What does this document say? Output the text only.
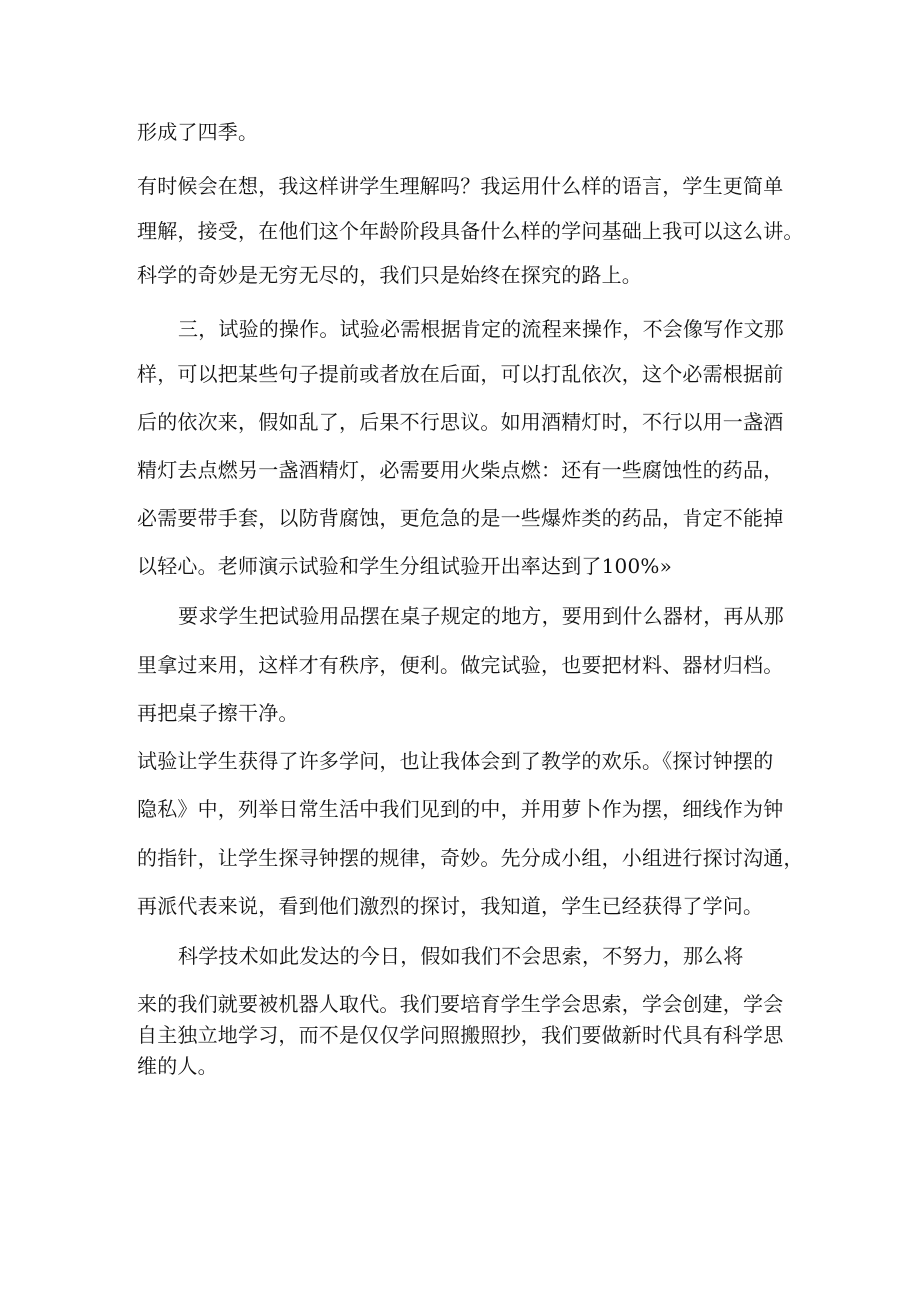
形成了四季。

有时候会在想，我这样讲学生理解吗？我运用什么样的语言，学生更简单

理解，接受，在他们这个年龄阶段具备什么样的学问基础上我可以这么讲。

科学的奇妙是无穷无尽的，我们只是始终在探究的路上。

三，试验的操作。试验必需根据肯定的流程来操作，不会像写作文那

样，可以把某些句子提前或者放在后面，可以打乱依次，这个必需根据前

后的依次来，假如乱了，后果不行思议。如用酒精灯时，不行以用一盏酒

精灯去点燃另一盏酒精灯，必需要用火柴点燃：还有一些腐蚀性的药品，

必需要带手套，以防背腐蚀，更危急的是一些爆炸类的药品，肯定不能掉

以轻心。老师演示试验和学生分组试验开出率达到了100%»

要求学生把试验用品摆在桌子规定的地方，要用到什么器材，再从那

里拿过来用，这样才有秩序，便利。做完试验，也要把材料、器材归档。

再把桌子擦干净。

试验让学生获得了许多学问，也让我体会到了教学的欢乐。《探讨钟摆的

隐私》中，列举日常生活中我们见到的中，并用萝卜作为摆，细线作为钟

的指针，让学生探寻钟摆的规律，奇妙。先分成小组，小组进行探讨沟通，

再派代表来说，看到他们激烈的探讨，我知道，学生已经获得了学问。

科学技术如此发达的今日，假如我们不会思索，不努力，那么将

来的我们就要被机器人取代。我们要培育学生学会思索，学会创建，学会

自主独立地学习，而不是仅仅学问照搬照抄，我们要做新时代具有科学思

维的人。
